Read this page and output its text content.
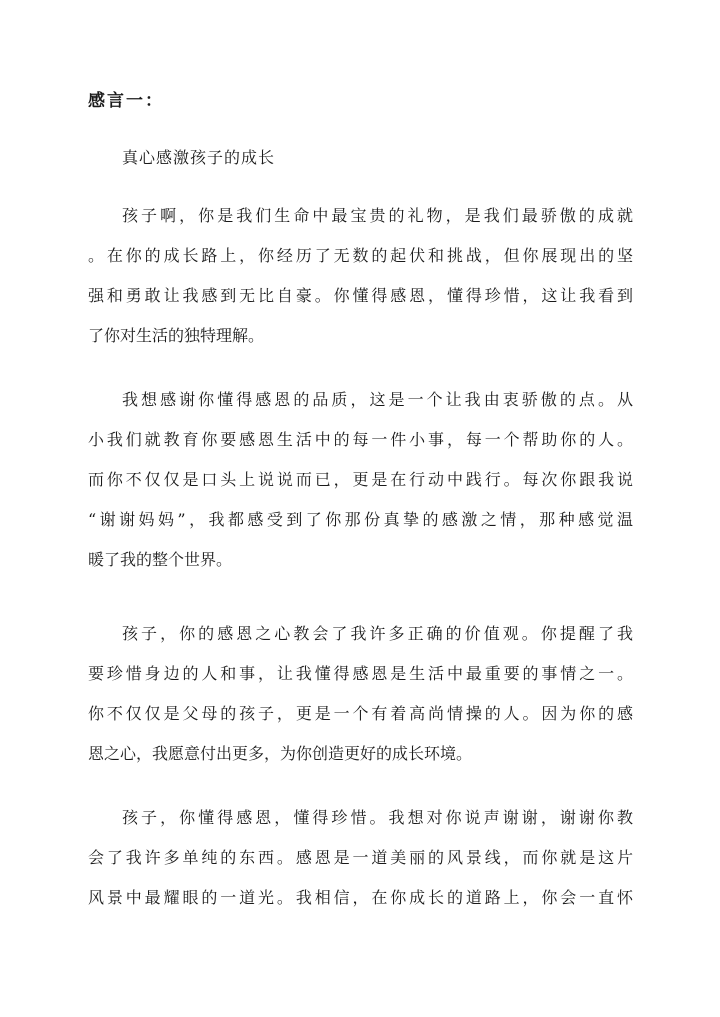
感言一：
真心感激孩子的成长
孩子啊，你是我们生命中最宝贵的礼物，是我们最骄傲的成就
。在你的成长路上，你经历了无数的起伏和挑战，但你展现出的坚
强和勇敢让我感到无比自豪。你懂得感恩，懂得珍惜，这让我看到
了你对生活的独特理解。
我想感谢你懂得感恩的品质，这是一个让我由衷骄傲的点。从
小我们就教育你要感恩生活中的每一件小事，每一个帮助你的人。
而你不仅仅是口头上说说而已，更是在行动中践行。每次你跟我说
“谢谢妈妈”，我都感受到了你那份真挚的感激之情，那种感觉温
暖了我的整个世界。
孩子，你的感恩之心教会了我许多正确的价值观。你提醒了我
要珍惜身边的人和事，让我懂得感恩是生活中最重要的事情之一。
你不仅仅是父母的孩子，更是一个有着高尚情操的人。因为你的感
恩之心，我愿意付出更多，为你创造更好的成长环境。
孩子，你懂得感恩，懂得珍惜。我想对你说声谢谢，谢谢你教
会了我许多单纯的东西。感恩是一道美丽的风景线，而你就是这片
风景中最耀眼的一道光。我相信，在你成长的道路上，你会一直怀
